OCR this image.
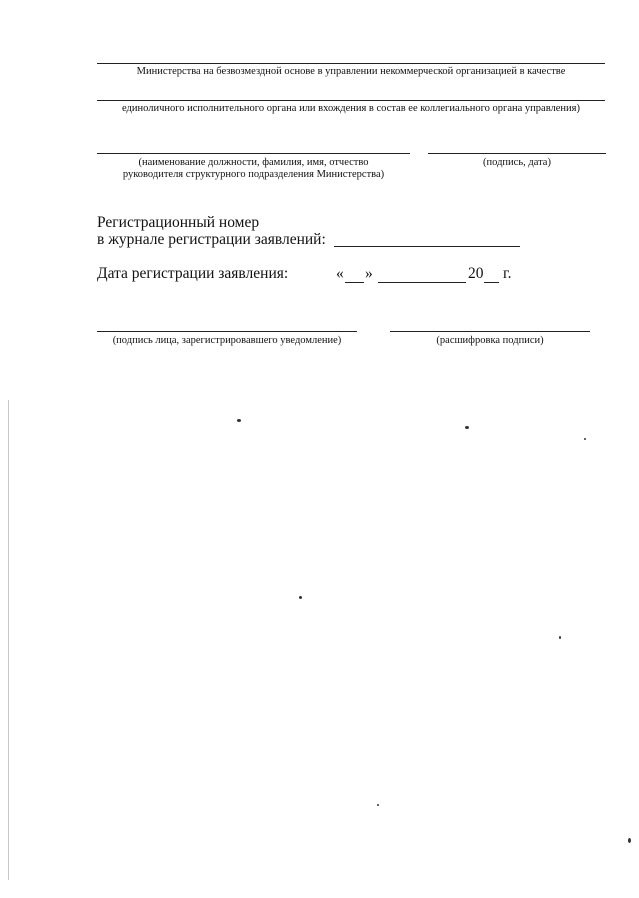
Министерства на безвозмездной основе в управлении некоммерческой организацией в качестве
единоличного исполнительного органа или вхождения в состав ее коллегиального органа управления)
(наименование должности, фамилия, имя, отчество
руководителя структурного подразделения Министерства)
(подпись, дата)
Регистрационный номер
в журнале регистрации заявлений:
Дата регистрации заявления:	« »	20 г.
(подпись лица, зарегистрировавшего уведомление)	(расшифровка подписи)
